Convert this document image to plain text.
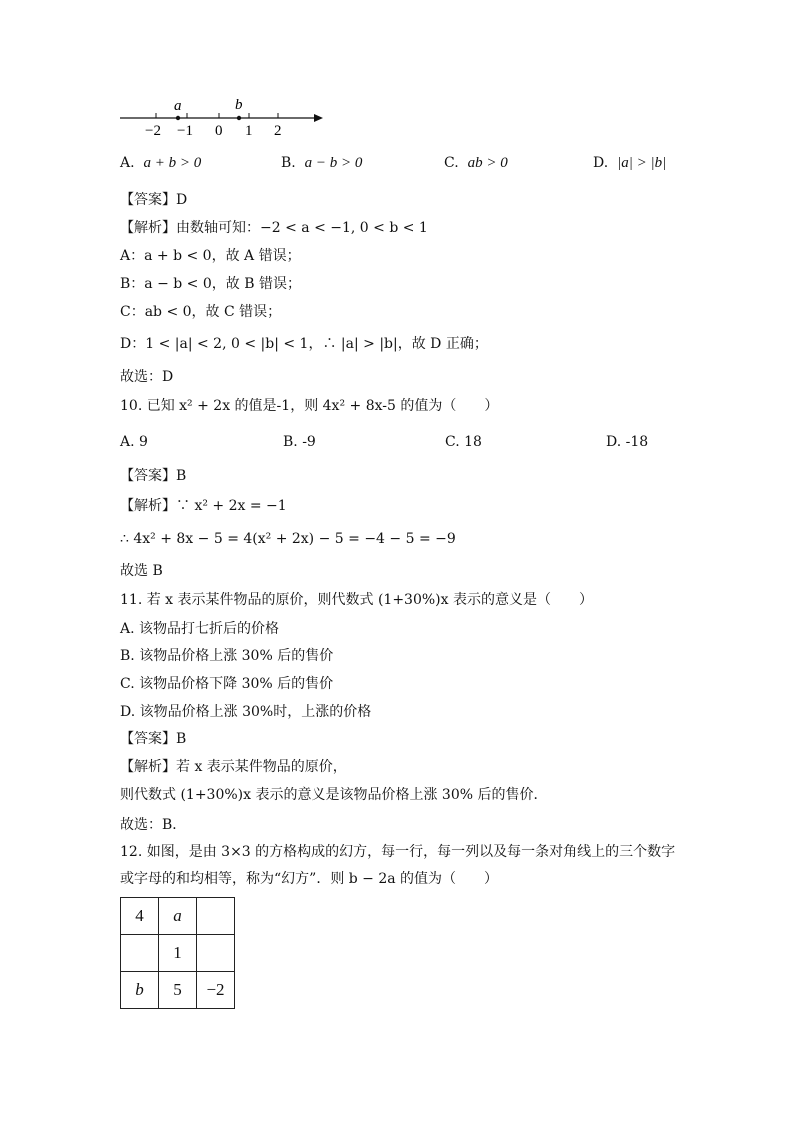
a	b
−2 −1 0 1 2
A. a + b > 0	B. a − b > 0	C. ab > 0	D. |a| > |b|
【答案】D
【解析】由数轴可知：−2 < a < −1, 0 < b < 1
A：a + b < 0，故 A 错误；
B：a − b < 0，故 B 错误；
C：ab < 0，故 C 错误；
D：1 < |a| < 2, 0 < |b| < 1，∴ |a| > |b|，故 D 正确；
故选：D
10. 已知 x² + 2x 的值是-1，则 4x² + 8x-5 的值为（　　）
A. 9	B. -9	C. 18	D. -18
【答案】B
【解析】∵ x² + 2x = −1
∴ 4x² + 8x − 5 = 4(x² + 2x) − 5 = −4 − 5 = −9
故选 B
11. 若 x 表示某件物品的原价，则代数式 (1+30%)x 表示的意义是（　　）
A. 该物品打七折后的价格
B. 该物品价格上涨 30% 后的售价
C. 该物品价格下降 30% 后的售价
D. 该物品价格上涨 30%时，上涨的价格
【答案】B
【解析】若 x 表示某件物品的原价，
则代数式 (1+30%)x 表示的意义是该物品价格上涨 30% 后的售价．
故选：B．
12. 如图，是由 3×3 的方格构成的幻方，每一行，每一列以及每一条对角线上的三个数字
或字母的和均相等，称为“幻方”．则 b − 2a 的值为（　　）
4	a	
	1	
b	5	−2
